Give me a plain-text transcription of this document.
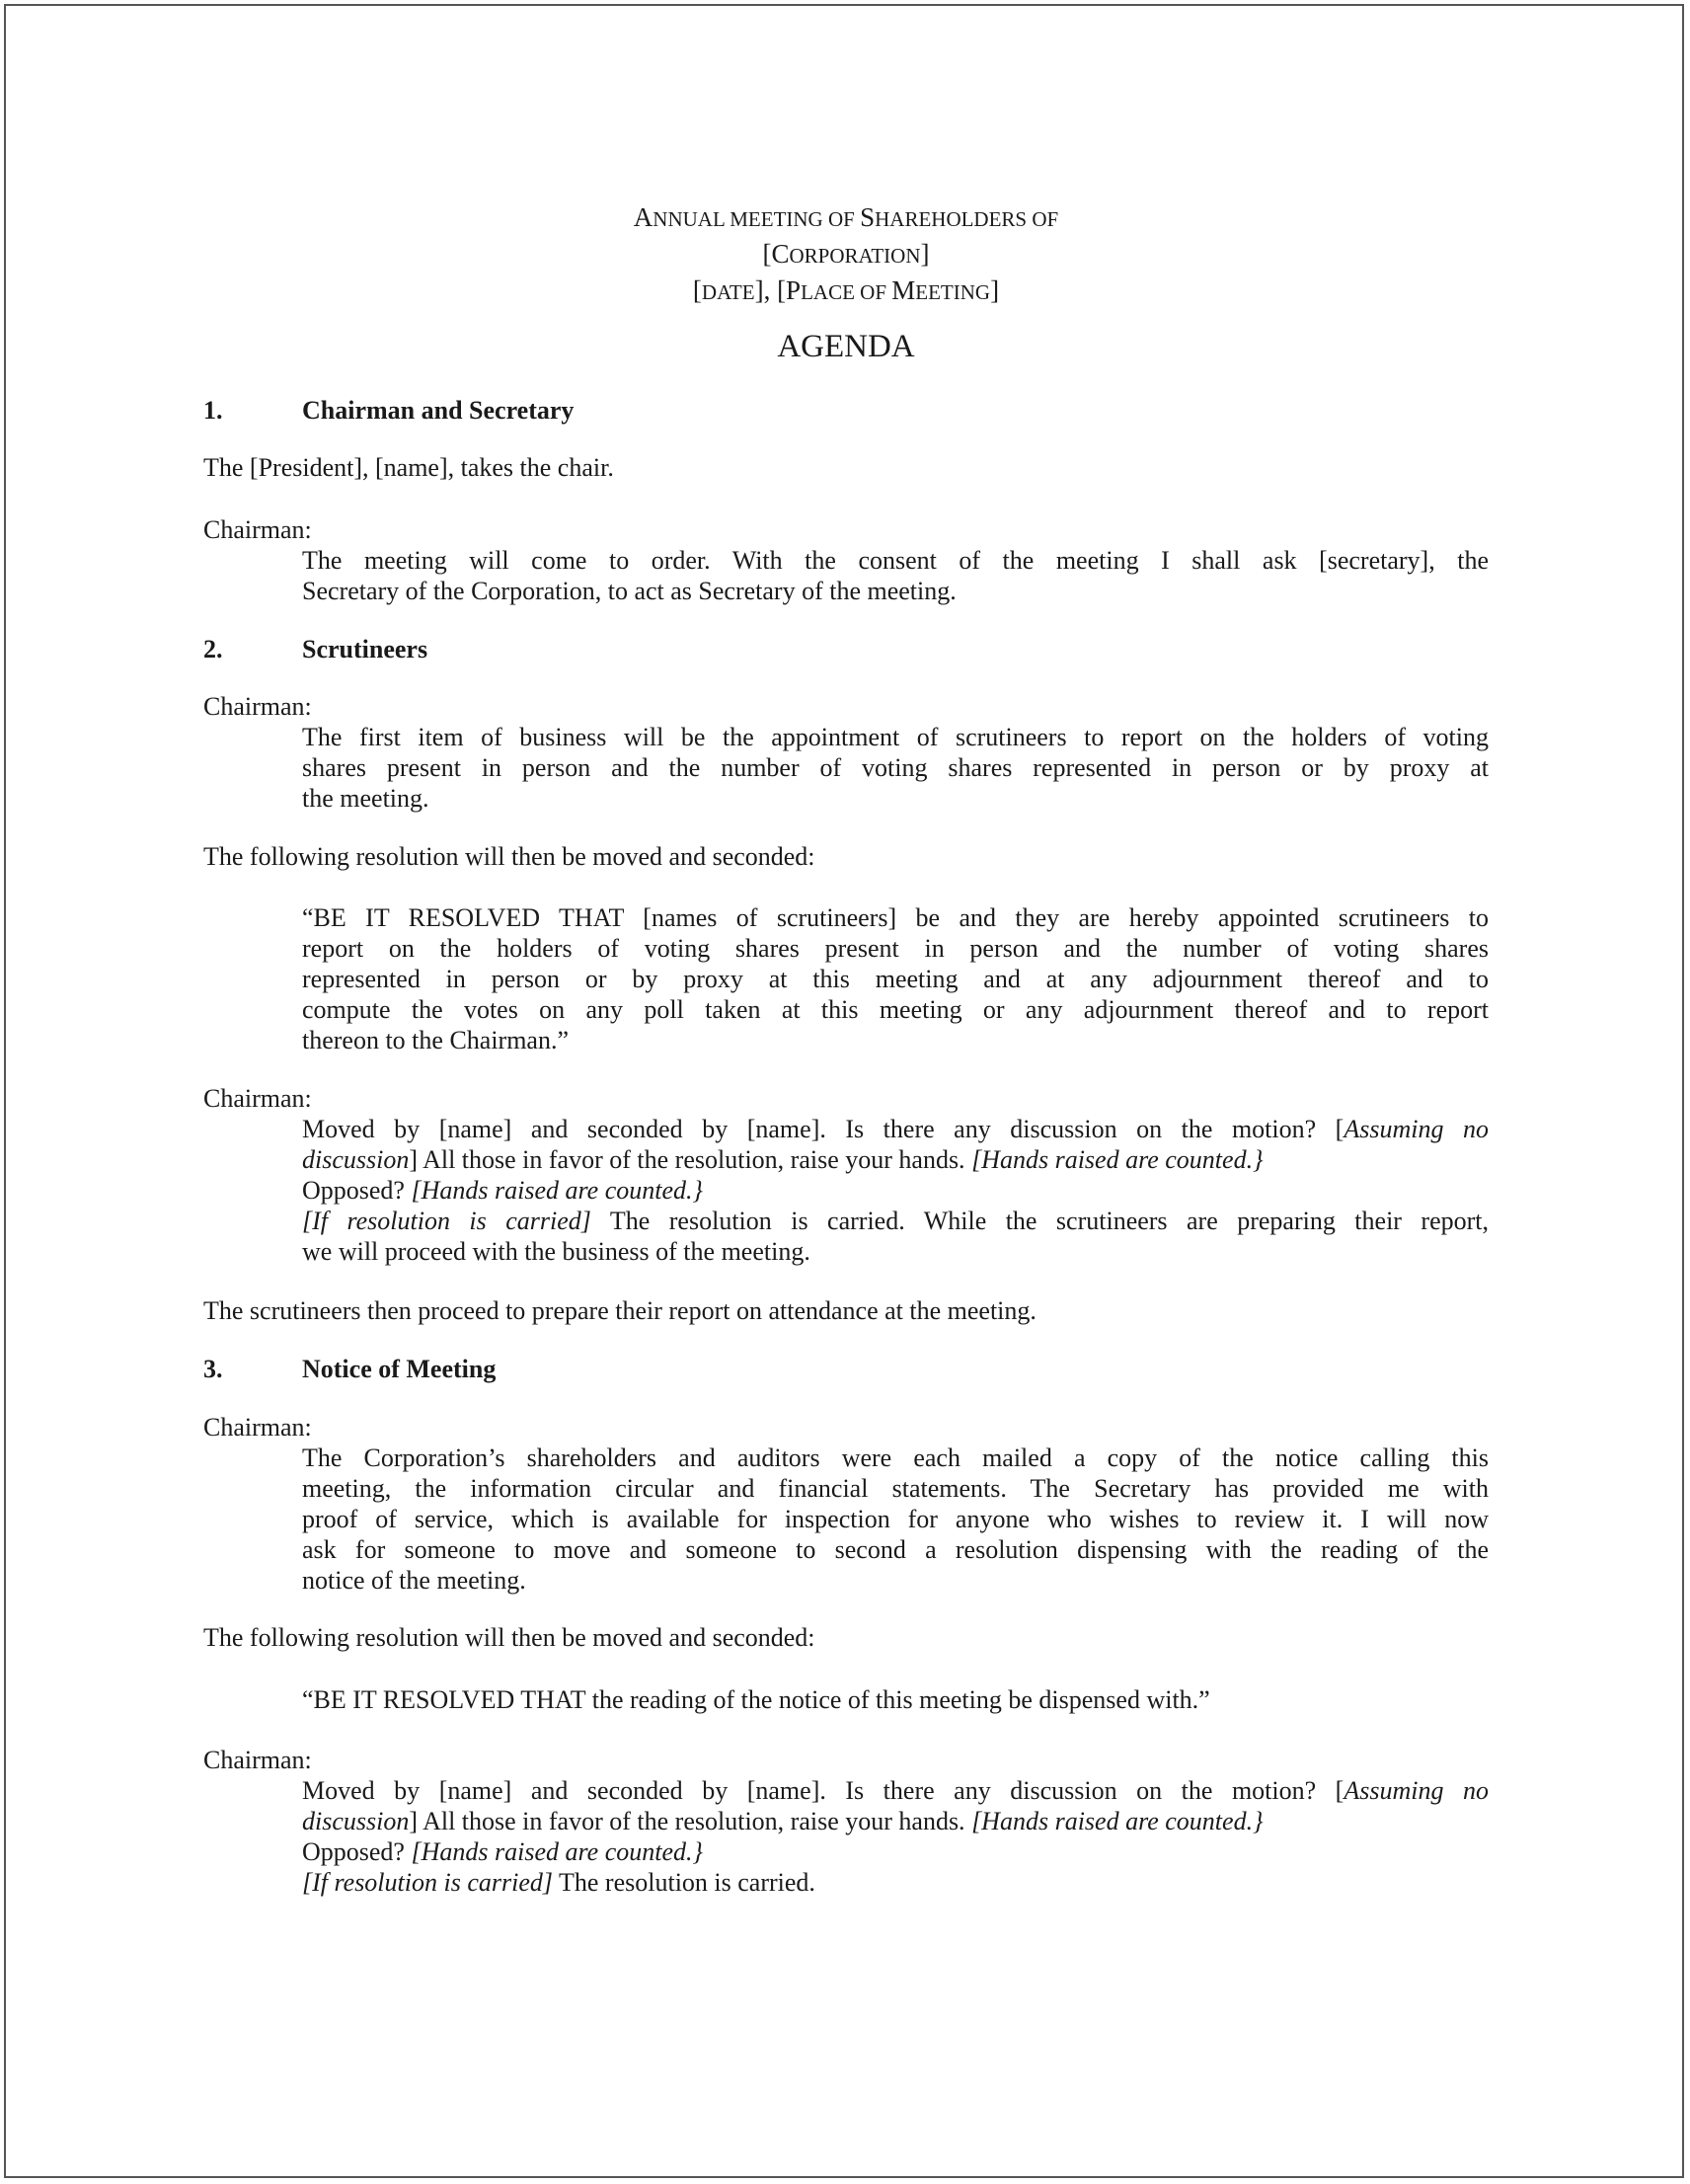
ANNUAL MEETING OF SHAREHOLDERS OF
[CORPORATION]
[DATE], [PLACE OF MEETING]
AGENDA
1.	Chairman and Secretary
The [President], [name], takes the chair.
Chairman:
The meeting will come to order. With the consent of the meeting I shall ask [secretary], the
Secretary of the Corporation, to act as Secretary of the meeting.
2.	Scrutineers
Chairman:
The first item of business will be the appointment of scrutineers to report on the holders of voting
shares present in person and the number of voting shares represented in person or by proxy at
the meeting.
The following resolution will then be moved and seconded:
“BE IT RESOLVED THAT [names of scrutineers] be and they are hereby appointed scrutineers to
report on the holders of voting shares present in person and the number of voting shares
represented in person or by proxy at this meeting and at any adjournment thereof and to
compute the votes on any poll taken at this meeting or any adjournment thereof and to report
thereon to the Chairman.”
Chairman:
Moved by [name] and seconded by [name]. Is there any discussion on the motion? [Assuming no
discussion] All those in favor of the resolution, raise your hands. [Hands raised are counted.}
Opposed? [Hands raised are counted.}
[If resolution is carried] The resolution is carried. While the scrutineers are preparing their report,
we will proceed with the business of the meeting.
The scrutineers then proceed to prepare their report on attendance at the meeting.
3.	Notice of Meeting
Chairman:
The Corporation’s shareholders and auditors were each mailed a copy of the notice calling this
meeting, the information circular and financial statements. The Secretary has provided me with
proof of service, which is available for inspection for anyone who wishes to review it. I will now
ask for someone to move and someone to second a resolution dispensing with the reading of the
notice of the meeting.
The following resolution will then be moved and seconded:
“BE IT RESOLVED THAT the reading of the notice of this meeting be dispensed with.”
Chairman:
Moved by [name] and seconded by [name]. Is there any discussion on the motion? [Assuming no
discussion] All those in favor of the resolution, raise your hands. [Hands raised are counted.}
Opposed? [Hands raised are counted.}
[If resolution is carried] The resolution is carried.
